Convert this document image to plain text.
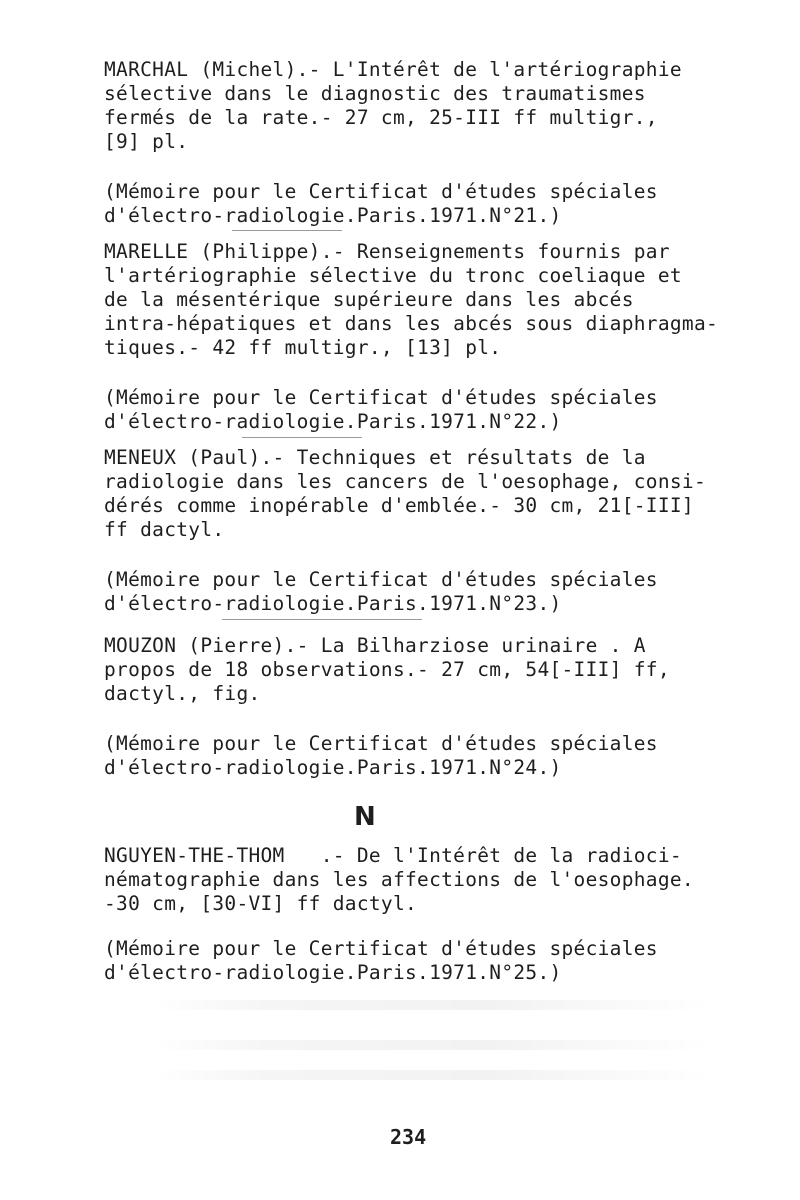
MARCHAL (Michel).- L'Intérêt de l'artériographie
sélective dans le diagnostic des traumatismes
fermés de la rate.- 27 cm, 25-III ff multigr.,
[9] pl.
(Mémoire pour le Certificat d'études spéciales
d'électro-radiologie.Paris.1971.N°21.)
MARELLE (Philippe).- Renseignements fournis par
l'artériographie sélective du tronc coeliaque et
de la mésentérique supérieure dans les abcés
intra-hépatiques et dans les abcés sous diaphragma-
tiques.- 42 ff multigr., [13] pl.
(Mémoire pour le Certificat d'études spéciales
d'électro-radiologie.Paris.1971.N°22.)
MENEUX (Paul).- Techniques et résultats de la
radiologie dans les cancers de l'oesophage, consi-
dérés comme inopérable d'emblée.- 30 cm, 21[-III]
ff dactyl.
(Mémoire pour le Certificat d'études spéciales
d'électro-radiologie.Paris.1971.N°23.)
MOUZON (Pierre).- La Bilharziose urinaire . A
propos de 18 observations.- 27 cm, 54[-III] ff,
dactyl., fig.
(Mémoire pour le Certificat d'études spéciales
d'électro-radiologie.Paris.1971.N°24.)
N
NGUYEN-THE-THOM   .- De l'Intérêt de la radioci-
nématographie dans les affections de l'oesophage.
-30 cm, [30-VI] ff dactyl.
(Mémoire pour le Certificat d'études spéciales
d'électro-radiologie.Paris.1971.N°25.)
234
